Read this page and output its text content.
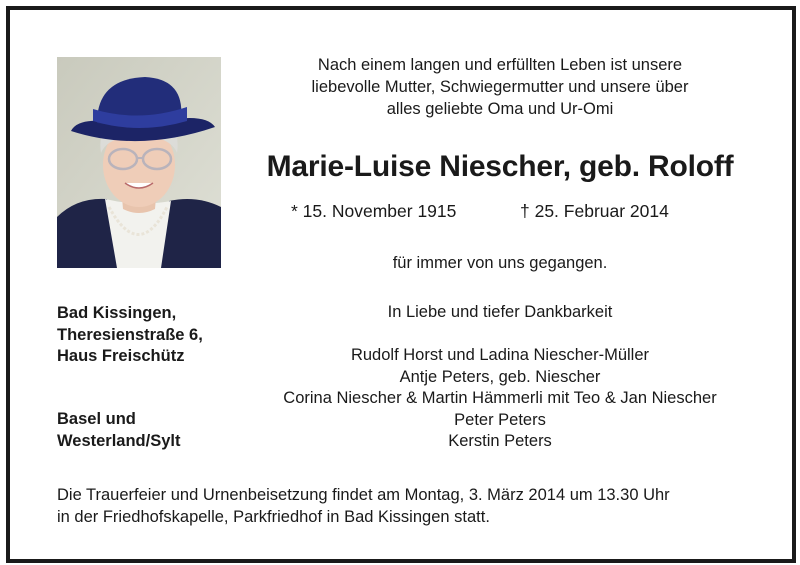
Nach einem langen und erfüllten Leben ist unsere
liebevolle Mutter, Schwiegermutter und unsere über
alles geliebte Oma und Ur-Omi
Marie-Luise Niescher, geb. Roloff
* 15. November 1915	† 25. Februar 2014
für immer von uns gegangen.
Bad Kissingen,
Theresienstraße 6,
Haus Freischütz
Basel und
Westerland/Sylt
In Liebe und tiefer Dankbarkeit
Rudolf Horst und Ladina Niescher-Müller
Antje Peters, geb. Niescher
Corina Niescher & Martin Hämmerli mit Teo & Jan Niescher
Peter Peters
Kerstin Peters
Die Trauerfeier und Urnenbeisetzung findet am Montag, 3. März 2014 um 13.30 Uhr
in der Friedhofskapelle, Parkfriedhof in Bad Kissingen statt.
